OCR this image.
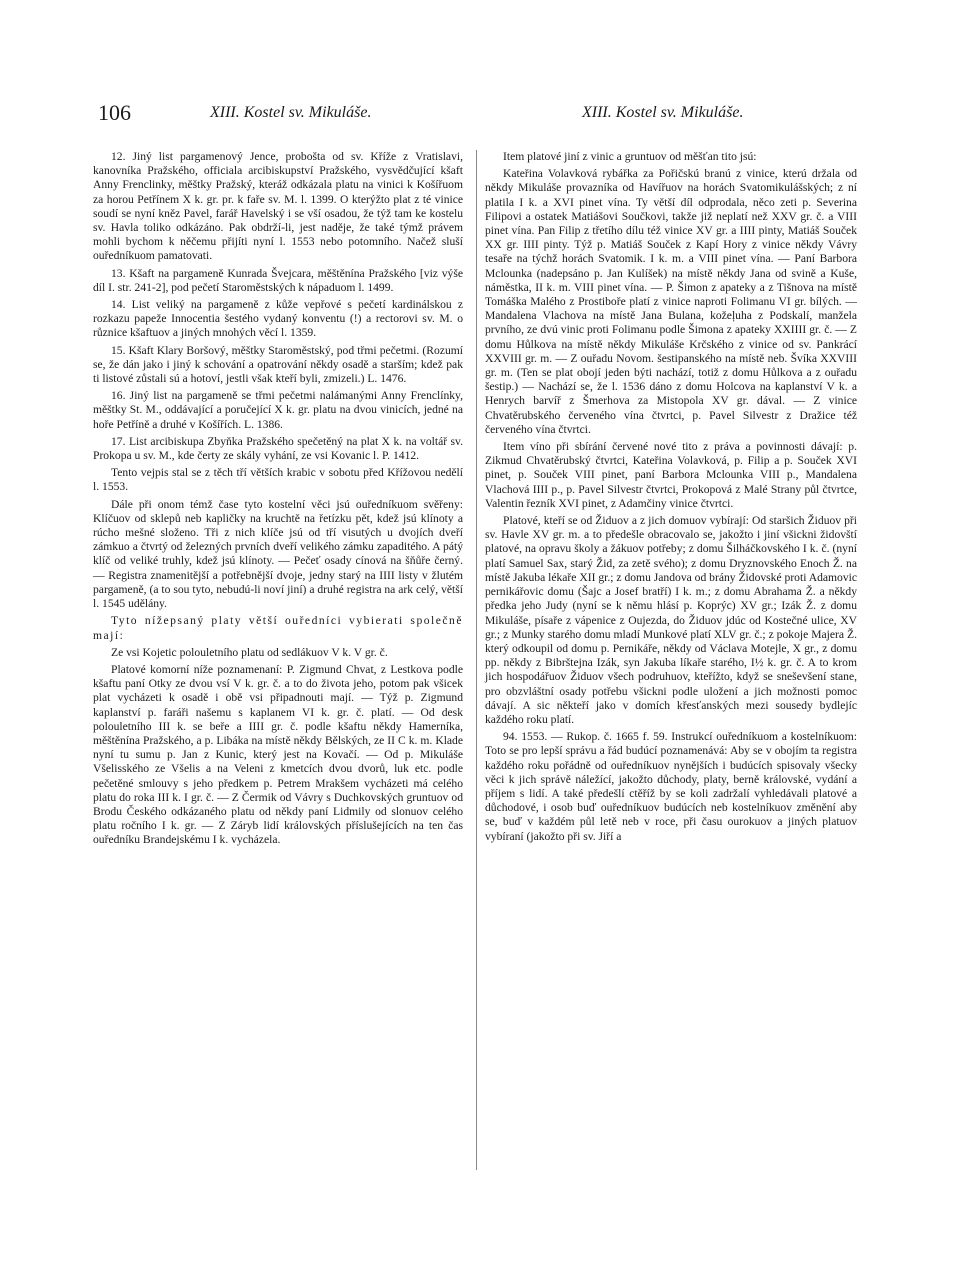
106	XIII. Kostel sv. Mikuláše.	XIII. Kostel sv. Mikuláše.

12. Jiný list pargamenový Jence, probošta od sv. Kříže z Vratislavi, kanovníka Pražského, officiala arcibiskupství Pražského, vysvědčující kšaft Anny Frenclinky, měštky Pražský, kteráž odkázala platu na vinici k Košířuom za horou Petřínem X k. gr. pr. k faře sv. M. l. 1399. O kterýžto plat z té vinice soudí se nyní kněz Pavel, farář Havelský i se vší osadou, že týž tam ke kostelu sv. Havla toliko odkázáno. Pak obdrží-li, jest naděje, že také týmž právem mohli bychom k něčemu přijíti nyní l. 1553 nebo potomního. Načež sluší ouředníkuom pamatovati.

13. Kšaft na pargameně Kunrada Švejcara, měštěnína Pražského [viz výše díl I. str. 241-2], pod pečetí Staroměstských k nápaduom l. 1499.

14. List veliký na pargameně z kůže vepřové s pečetí kardinálskou z rozkazu papeže Innocentia šestého vydaný konventu (!) a rectorovi sv. M. o různice kšaftuov a jiných mnohých věcí l. 1359.

15. Kšaft Klary Boršový, měštky Staroměstský, pod třmi pečetmi. (Rozumí se, že dán jako i jiný k schování a opatrování někdy osadě a starším; kdež pak ti listové zůstali sú a hotoví, jestli však kteří byli, zmizeli.) L. 1476.

16. Jiný list na pargameně se třmi pečetmi nalámanými Anny Frenclínky, měštky St. M., oddávající a poručející X k. gr. platu na dvou vinicích, jedné na hoře Petříně a druhé v Košířích. L. 1386.

17. List arcibiskupa Zbyňka Pražského spečetěný na plat X k. na voltář sv. Prokopa u sv. M., kde čerty ze skály vyhání, ze vsi Kovanic l. P. 1412.

Tento vejpis stal se z těch tří větších krabic v sobotu před Křížovou nedělí l. 1553.

Dále při onom témž čase tyto kostelní věci jsú ouředníkuom svěřeny: Klíčuov od sklepů neb kapličky na kruchtě na řetízku pět, kdež jsú klínoty a rúcho mešné složeno. Tři z nich klíče jsú od tří visutých u dvojích dveří zámkuo a čtvrtý od železných prvních dveří velikého zámku zapaditého. A pátý klíč od veliké truhly, kdež jsú klínoty. — Pečeť osady cínová na šňůře černý. — Registra znamenitější a potřebnější dvoje, jedny starý na IIII listy v žlutém pargameně, (a to sou tyto, nebudú-li noví jiní) a druhé registra na ark celý, větší l. 1545 udělány.

Tyto nížepsaný platy větší ouředníci vybierati společně mají:

Ze vsi Kojetic polouletního platu od sedlákuov V k. V gr. č.

Platové komorní níže poznamenaní: P. Zigmund Chvat, z Lestkova podle kšaftu paní Otky ze dvou vsí V k. gr. č. a to do života jeho, potom pak všicek plat vycházeti k osadě i obě vsi připadnouti mají. — Týž p. Zigmund kaplanství p. faráři našemu s kaplanem VI k. gr. č. platí. — Od desk polouletního III k. se beře a IIII gr. č. podle kšaftu někdy Hamerníka, měštěnína Pražského, a p. Libáka na místě někdy Bělských, ze II C k. m. Klade nyní tu sumu p. Jan z Kunic, který jest na Kovačí. — Od p. Mikuláše Všelisského ze Všelis a na Veleni z kmetcích dvou dvorů, luk etc. podle pečetěné smlouvy s jeho předkem p. Petrem Mrakšem vycházeti má celého platu do roka III k. I gr. č. — Z Čermik od Vávry s Duchkovských gruntuov od Brodu Českého odkázaného platu od někdy paní Lidmily od slonuov celého platu ročního I k. gr. — Z Záryb lidí královských příslušejících na ten čas ouředníku Brandejskému I k. vycházela.

Item platové jiní z vinic a gruntuov od měšťan tito jsú:

Kateřina Volavková rybářka za Pořičskú branú z vinice, kterú držala od někdy Mikuláše provazníka od Havířuov na horách Svatomikulášských; z ní platila I k. a XVI pinet vína. Ty větší díl odprodala, něco zeti p. Severina Filipovi a ostatek Matiášovi Součkovi, takže již neplatí než XXV gr. č. a VIII pinet vína. Pan Filip z třetího dílu též vinice XV gr. a IIII pinty, Matiáš Souček XX gr. IIII pinty. Týž p. Matiáš Souček z Kapí Hory z vinice někdy Vávry tesaře na týchž horách Svatomik. I k. m. a VIII pinet vína. — Paní Barbora Mclounka (nadepsáno p. Jan Kulíšek) na místě někdy Jana od svině a Kuše, náměstka, II k. m. VIII pinet vína. — P. Šimon z apateky a z Tišnova na místě Tomáška Malého z Prostiboře platí z vinice naproti Folimanu VI gr. bílých. — Mandalena Vlachova na místě Jana Bulana, kožeļuha z Podskalí, manžela prvního, ze dvú vinic proti Folimanu podle Šimona z apateky XXIIII gr. č. — Z domu Hůlkova na místě někdy Mikuláše Krčského z vinice od sv. Pankrácí XXVIII gr. m. — Z ouřadu Novom. šestipanského na místě neb. Švíka XXVIII gr. m. (Ten se plat obojí jeden býti nachází, totiž z domu Hůlkova a z ouřadu šestip.) — Nachází se, že l. 1536 dáno z domu Holcova na kaplanství V k. a Henrych barvíř z Šmerhova za Mistopola XV gr. dával. — Z vinice Chvatěrubského červeného vína čtvrtci, p. Pavel Silvestr z Dražice též červeného vína čtvrtci.

Item víno při sbírání červené nové tito z práva a povinnosti dávají: p. Zikmud Chvatěrubský čtvrtci, Kateřina Volavková, p. Filip a p. Souček XVI pinet, p. Souček VIII pinet, paní Barbora Mclounka VIII p., Mandalena Vlachová IIII p., p. Pavel Silvestr čtvrtci, Prokopová z Malé Strany půl čtvrtce, Valentin řezník XVI pinet, z Adamčiny vinice čtvrtci.

Platové, kteří se od Židuov a z jich domuov vybírají: Od staršich Židuov při sv. Havle XV gr. m. a to předešle obracovalo se, jakožto i jiní všickni židovští platové, na opravu školy a žákuov potřeby; z domu Šilháčkovského I k. č. (nyní platí Samuel Sax, starý Žid, za zetě svého); z domu Dryznovského Enoch Ž. na místě Jakuba lékaře XII gr.; z domu Jandova od brány Židovské proti Adamovic pernikářovic domu (Šajc a Josef bratří) I k. m.; z domu Abrahama Ž. a někdy předka jeho Judy (nyní se k němu hlásí p. Koprýc) XV gr.; Izák Ž. z domu Mikuláše, písaře z vápenice z Oujezda, do Židuov jdúc od Kostečné ulice, XV gr.; z Munky starého domu mladí Munkové platí XLV gr. č.; z pokoje Majera Ž. který odkoupil od domu p. Pernikáře, někdy od Václava Motejle, X gr., z domu pp. někdy z Bibrštejna Izák, syn Jakuba líkaře starého, I½ k. gr. č. A to krom jich hospodářuov Židuov všech podruhuov, kteřížto, když se sneševšení stane, pro obzvláštní osady potřebu všickni podle uložení a jich možnosti pomoc dávají. A sic někteří jako v domích křesťanských mezi sousedy bydlejíc každého roku platí.

94. 1553. — Rukop. č. 1665 f. 59. Instrukcí ouředníkuom a kostelníkuom: Toto se pro lepší správu a řád budúcí poznamenává: Aby se v obojím ta registra každého roku pořádně od ouředníkuov nynějších i budúcích spisovaly všecky věci k jich správě náležící, jakožto důchody, platy, berně královské, vydání a příjem s lidí. A také předešlí ctěříž by se koli zadržalí vyhledávali platové a důchodové, i osob buď ouředníkuov budúcích neb kostelníkuov změnění aby se, buď v každém půl letě neb v roce, při času ourokuov a jiných platuov vybíraní (jakožto při sv. Jiří a
